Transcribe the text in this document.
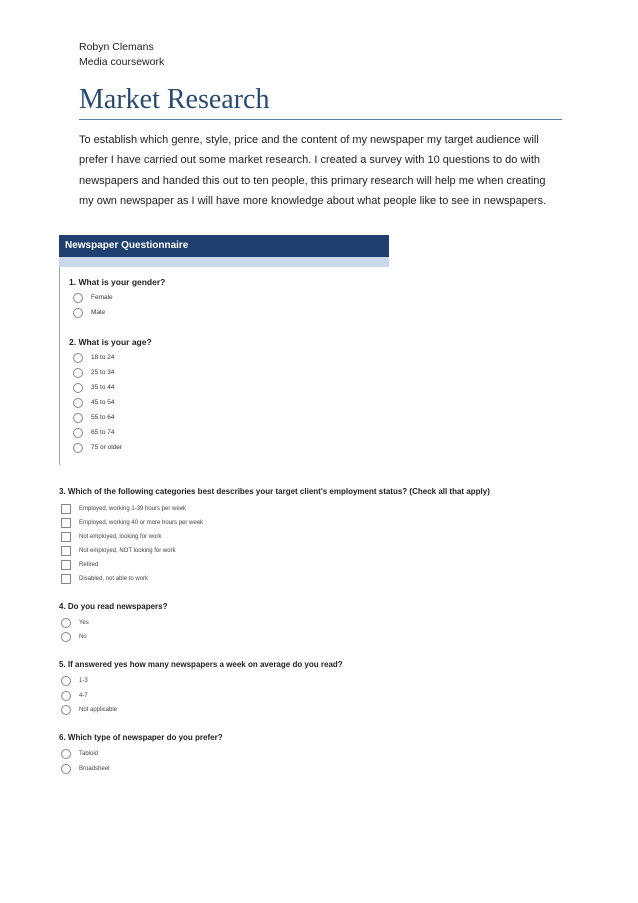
Robyn Clemans
Media coursework
Market Research
To establish which genre, style, price and the content of my newspaper my target audience will prefer I have carried out some market research. I created a survey with 10 questions to do with newspapers and handed this out to ten people, this primary research will help me when creating my own newspaper as I will have more knowledge about what people like to see in newspapers.
Newspaper Questionnaire
1. What is your gender?
Female
Male
2. What is your age?
18 to 24
25 to 34
35 to 44
45 to 54
55 to 64
65 to 74
75 or older
3. Which of the following categories best describes your target client's employment status? (Check all that apply)
Employed, working 1-39 hours per week
Employed, working 40 or more hours per week
Not employed, looking for work
Not employed, NOT looking for work
Retired
Disabled, not able to work
4. Do you read newspapers?
Yes
No
5. If answered yes how many newspapers a week on average do you read?
1-3
4-7
Not applicable
6. Which type of newspaper do you prefer?
Tabloid
Broadsheet
